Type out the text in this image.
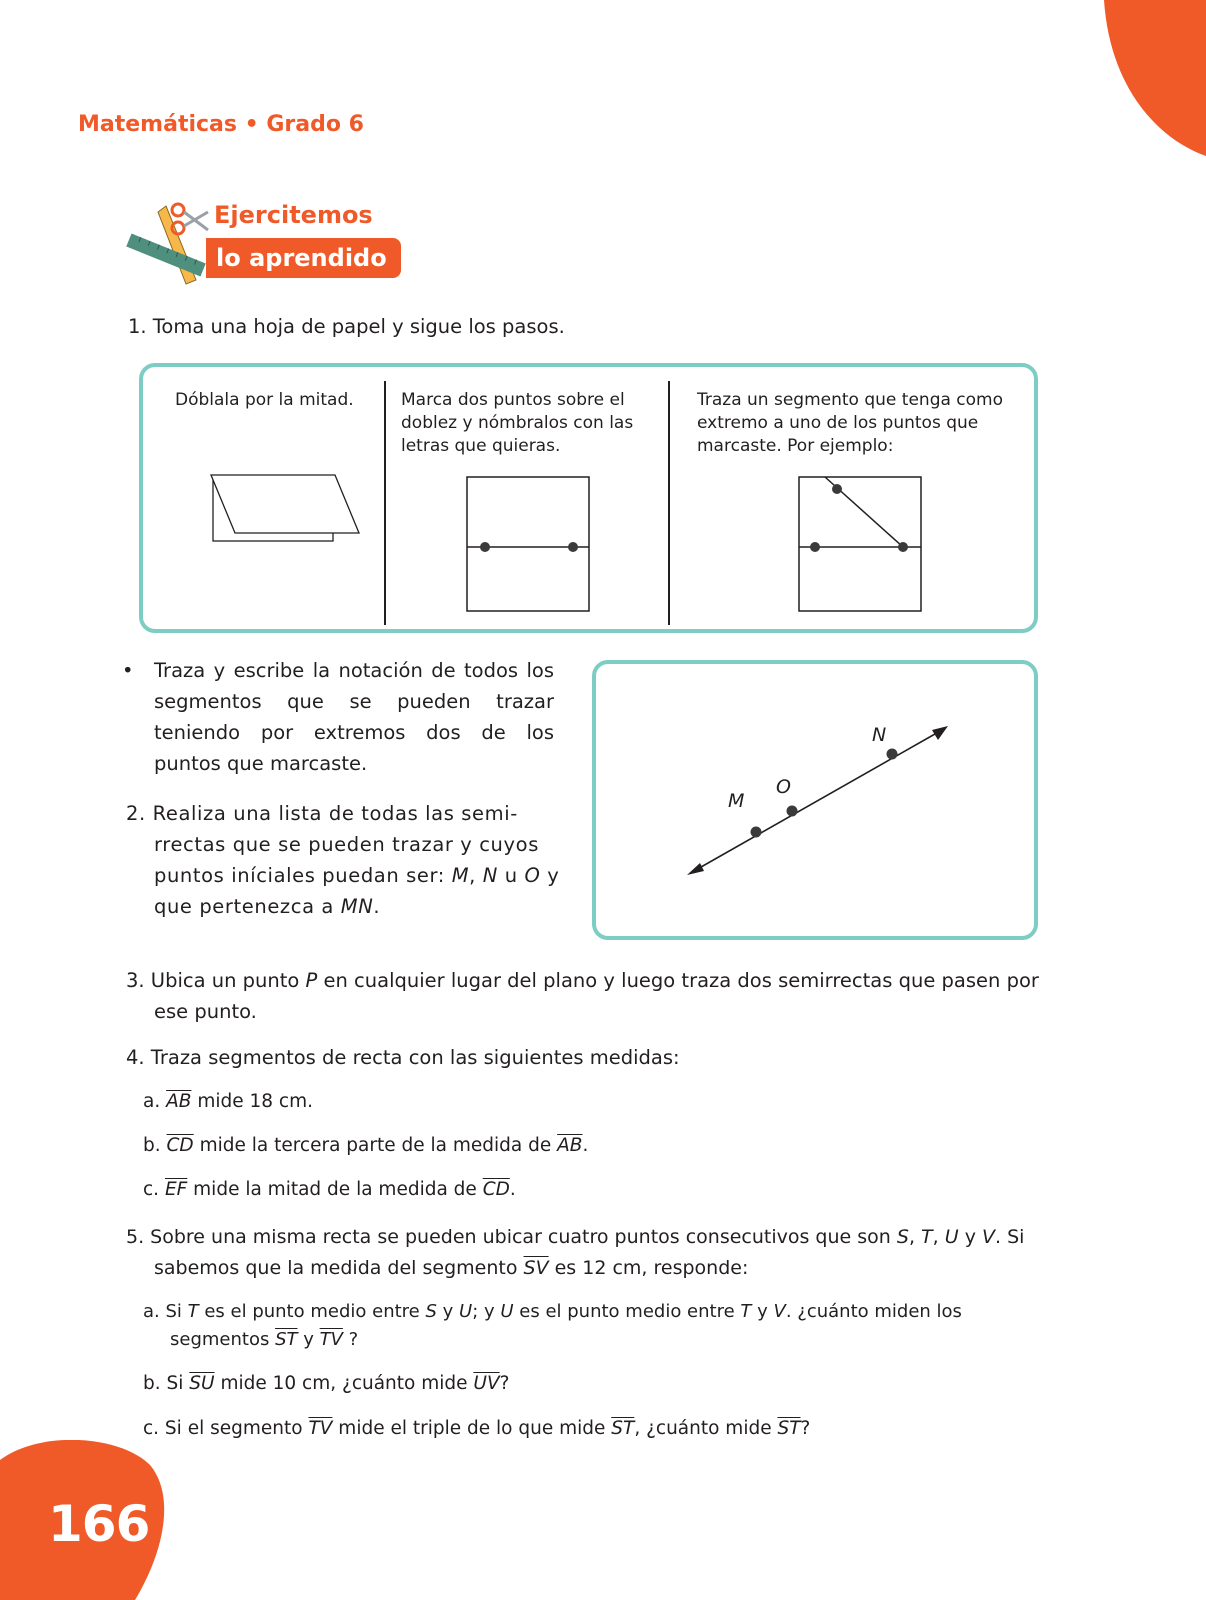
166
Matemáticas • Grado 6
Ejercitemos
lo aprendido
1. Toma una hoja de papel y sigue los pasos.
Dóblala por la mitad.	Marca dos puntos sobre el doblez y nómbralos con las letras que quieras.
Traza un segmento que tenga como extremo a uno de los puntos que marcaste. Por ejemplo:
• Traza y escribe la notación de todos los segmentos que se pueden trazar teniendo por extremos dos de los puntos que marcaste.
2. Realiza una lista de todas las semirrectas que se pueden trazar y cuyos puntos iníciales puedan ser: M, N u O y que pertenezca a MN.
M
O
N
3. Ubica un punto P en cualquier lugar del plano y luego traza dos semirrectas que pasen por ese punto.
4. Traza segmentos de recta con las siguientes medidas:
a. $\overline{AB}$ mide 18 cm.
b. $\overline{CD}$ mide la tercera parte de la medida de $\overline{AB}$.
c. $\overline{EF}$ mide la mitad de la medida de $\overline{CD}$.
5. Sobre una misma recta se pueden ubicar cuatro puntos consecutivos que son S, T, U y V. Si sabemos que la medida del segmento $\overline{SV}$ es 12 cm, responde:
a. Si T es el punto medio entre S y U; y U es el punto medio entre T y V. ¿cuánto miden los segmentos $\overline{ST}$ y $\overline{TV}$ ?
b. Si $\overline{SU}$ mide 10 cm, ¿cuánto mide $\overline{UV}$?
c. Si el segmento $\overline{TV}$ mide el triple de lo que mide $\overline{ST}$, ¿cuánto mide $\overline{ST}$?
